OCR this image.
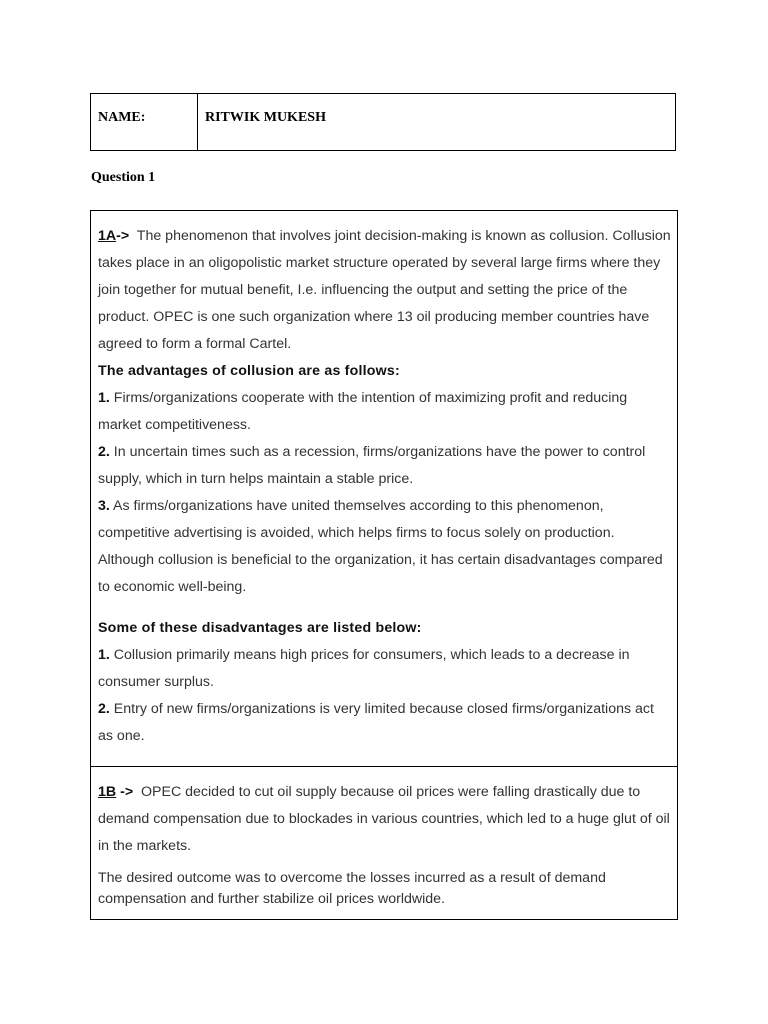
NAME:	RITWIK MUKESH
Question 1

1A-> The phenomenon that involves joint decision-making is known as collusion. Collusion takes place in an oligopolistic market structure operated by several large firms where they join together for mutual benefit, I.e. influencing the output and setting the price of the product. OPEC is one such organization where 13 oil producing member countries have agreed to form a formal Cartel.

The advantages of collusion are as follows:

1. Firms/organizations cooperate with the intention of maximizing profit and reducing market competitiveness.

2. In uncertain times such as a recession, firms/organizations have the power to control supply, which in turn helps maintain a stable price.

3. As firms/organizations have united themselves according to this phenomenon, competitive advertising is avoided, which helps firms to focus solely on production. Although collusion is beneficial to the organization, it has certain disadvantages compared to economic well-being.

Some of these disadvantages are listed below:

1. Collusion primarily means high prices for consumers, which leads to a decrease in consumer surplus.

2. Entry of new firms/organizations is very limited because closed firms/organizations act as one.

1B -> OPEC decided to cut oil supply because oil prices were falling drastically due to demand compensation due to blockades in various countries, which led to a huge glut of oil in the markets.

The desired outcome was to overcome the losses incurred as a result of demand compensation and further stabilize oil prices worldwide.
